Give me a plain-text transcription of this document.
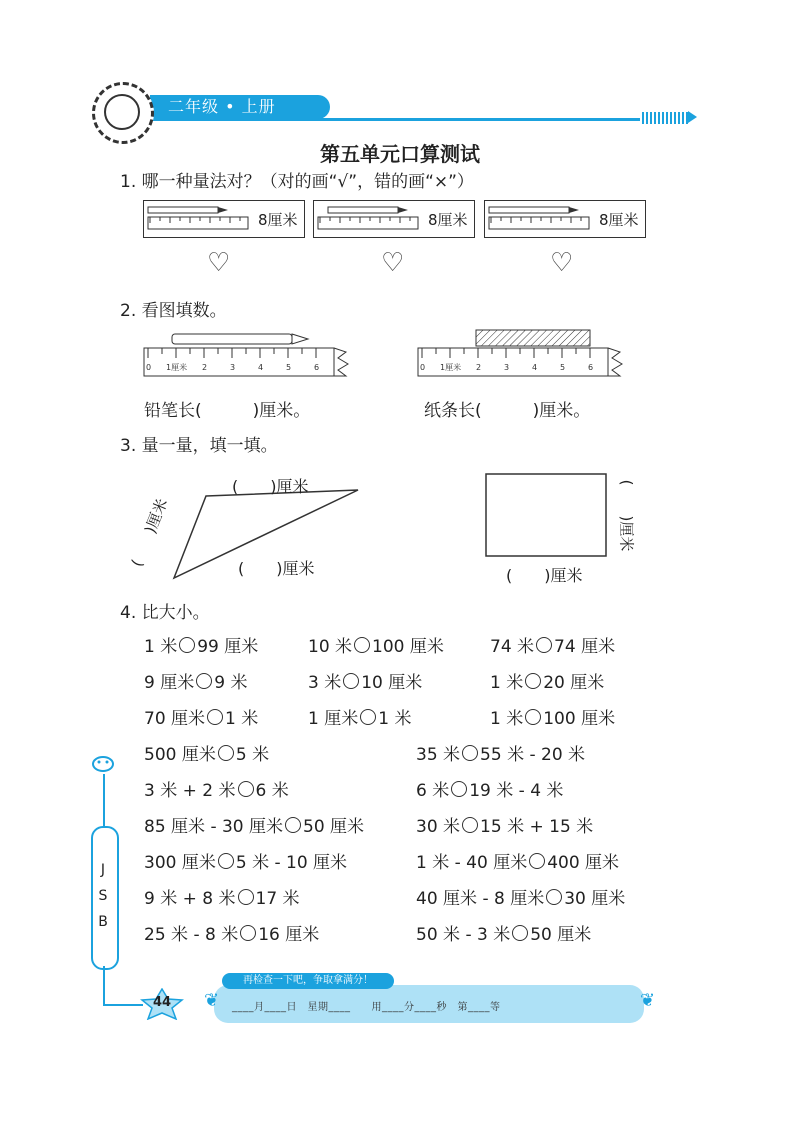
二年级 • 上册
第五单元口算测试
1. 哪一种量法对？（对的画“√”，错的画“×”）
8厘米
♡
8厘米
♡
8厘米
♡
2. 看图填数。
0 1厘米 2	3	4	5	6	0 1厘米 2	3	4	5	6
铅笔长(　　　)厘米。	纸条长(　　　)厘米。
3. 量一量，填一填。
(　　)厘米
(　　)厘米
(　　)厘米
(　　)厘米
(　　)厘米
4. 比大小。
1 米 99 厘米	10 米 100 厘米	74 米 74 厘米
9 厘米 9 米	3 米 10 厘米	1 米 20 厘米
70 厘米 1 米	1 厘米 1 米	1 米 100 厘米
500 厘米 5 米	35 米 55 米 - 20 米
3 米 + 2 米 6 米	6 米 19 米 - 4 米
85 厘米 - 30 厘米 50 厘米	30 米 15 米 + 15 米
300 厘米 5 米 - 10 厘米	1 米 - 40 厘米 400 厘米
9 米 + 8 米 17 米	40 厘米 - 8 厘米 30 厘米
25 米 - 8 米 16 厘米	50 米 - 3 米 50 厘米
J
S
B
44	❦	❦
再检查一下吧，争取拿满分！
____月____日　星期____　　用____分____秒　第____等
